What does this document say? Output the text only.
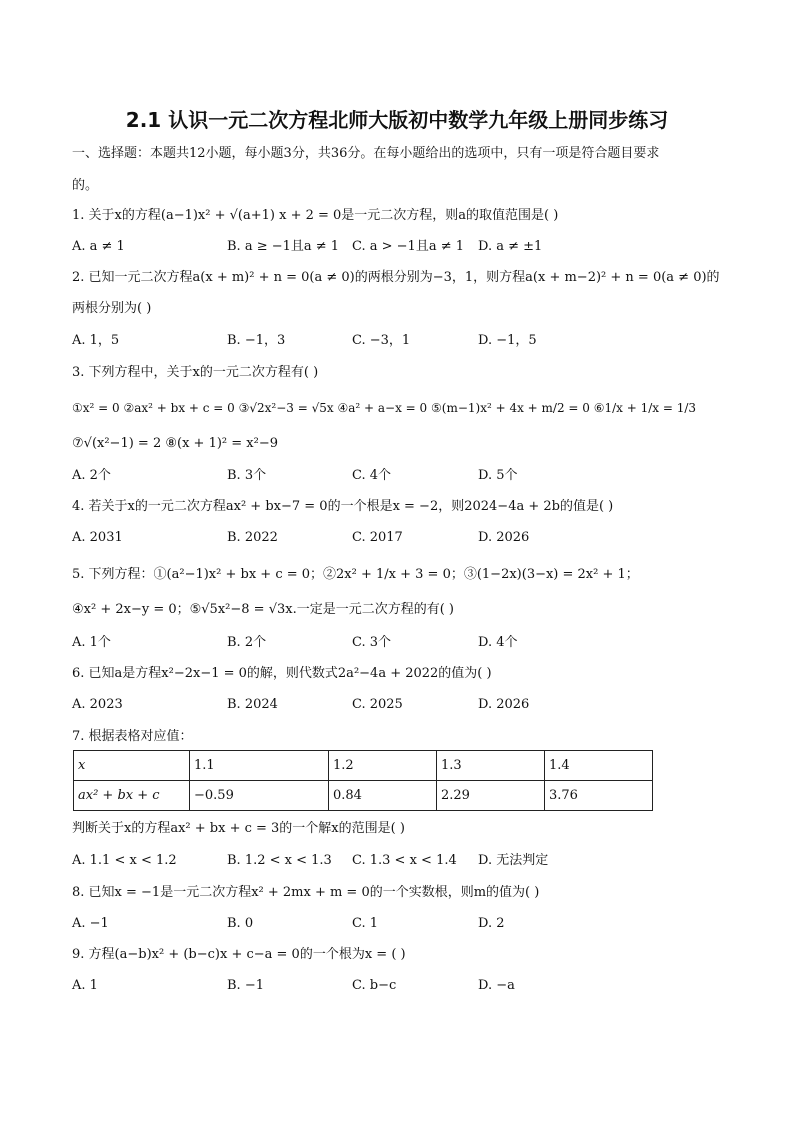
2.1 认识一元二次方程北师大版初中数学九年级上册同步练习
一、选择题：本题共12小题，每小题3分，共36分。在每小题给出的选项中，只有一项是符合题目要求
的。
1. 关于x的方程(a−1)x² + √(a+1) x + 2 = 0是一元二次方程，则a的取值范围是( )
A. a ≠ 1	B. a ≥ −1且a ≠ 1 C. a > −1且a ≠ 1 D. a ≠ ±1
2. 已知一元二次方程a(x + m)² + n = 0(a ≠ 0)的两根分别为−3，1，则方程a(x + m−2)² + n = 0(a ≠ 0)的
两根分别为( )
A. 1，5	B. −1，3	C. −3，1	D. −1，5
3. 下列方程中，关于x的一元二次方程有( )
①x² = 0 ②ax² + bx + c = 0 ③√2x²−3 = √5x ④a² + a−x = 0 ⑤(m−1)x² + 4x + m/2 = 0 ⑥1/x + 1/x = 1/3
⑦√(x²−1) = 2 ⑧(x + 1)² = x²−9
A. 2个	B. 3个	C. 4个	D. 5个
4. 若关于x的一元二次方程ax² + bx−7 = 0的一个根是x = −2，则2024−4a + 2b的值是( )
A. 2031	B. 2022	C. 2017	D. 2026
5. 下列方程：①(a²−1)x² + bx + c = 0；②2x² + 1/x + 3 = 0；③(1−2x)(3−x) = 2x² + 1；
④x² + 2x−y = 0；⑤√5x²−8 = √3x.一定是一元二次方程的有( )
A. 1个	B. 2个	C. 3个	D. 4个
6. 已知a是方程x²−2x−1 = 0的解，则代数式2a²−4a + 2022的值为( )
A. 2023	B. 2024	C. 2025	D. 2026
7. 根据表格对应值：
x	1.1	1.2	1.3	1.4
ax² + bx + c	−0.59	0.84	2.29	3.76
判断关于x的方程ax² + bx + c = 3的一个解x的范围是( )
A. 1.1 < x < 1.2	B. 1.2 < x < 1.3 C. 1.3 < x < 1.4 D. 无法判定
8. 已知x = −1是一元二次方程x² + 2mx + m = 0的一个实数根，则m的值为( )
A. −1	B. 0	C. 1	D. 2
9. 方程(a−b)x² + (b−c)x + c−a = 0的一个根为x = ( )
A. 1	B. −1	C. b−c	D. −a
